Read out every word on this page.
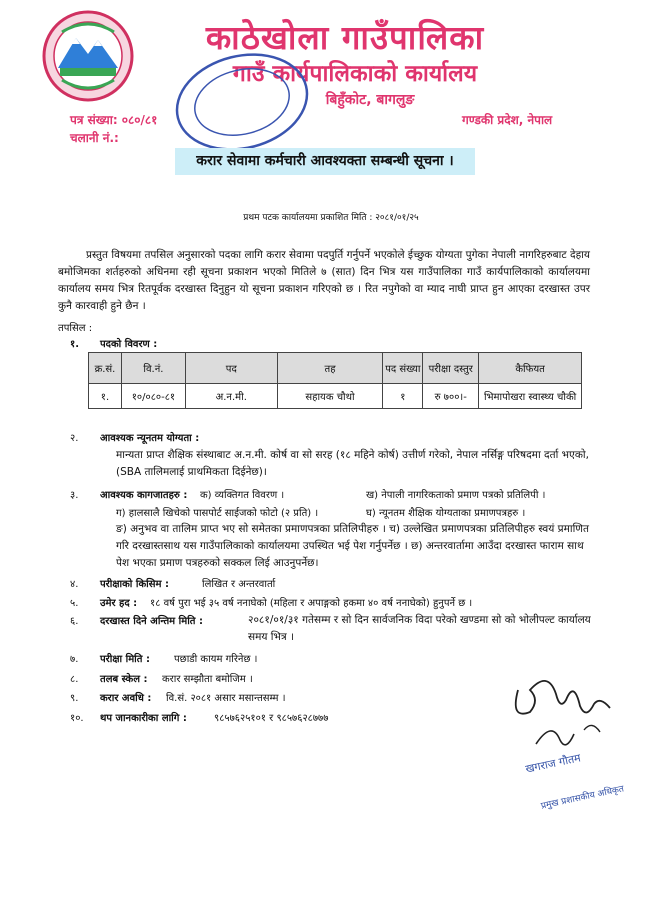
काठेखोला गाउँपालिका
गाउँ कार्यपालिकाको कार्यालय
बिहुँकोट, बागलुङ
पत्र संख्या: ०८०/८१
चलानी नं.:
गण्डकी प्रदेश, नेपाल
करार सेवामा कर्मचारी आवश्यक्ता सम्बन्धी सूचना ।
प्रथम पटक कार्यालयमा प्रकाशित मिति : २०८१/०१/२५
प्रस्तुत विषयमा तपसिल अनुसारको पदका लागि करार सेवामा पदपुर्ति गर्नुपर्ने भएकोले ईच्छुक योग्यता पुगेका नेपाली नागरिहरुबाट देहाय बमोजिमका शर्तहरुको अधिनमा रही सूचना प्रकाशन भएको मितिले ७ (सात) दिन भित्र यस गाउँपालिका गाउँ कार्यपालिकाको कार्यालयमा कार्यालय समय भित्र रितपूर्वक दरखास्त दिनुहुन यो सूचना प्रकाशन गरिएको छ । रित नपुगेको वा म्याद नाघी प्राप्त हुन आएका दरखास्त उपर कुनै कारवाही हुने छैन ।
तपसिल :
१. पदको विवरण :
क्र.सं.	वि.नं.	पद	तह	पद संख्या	परीक्षा दस्तुर	कैफियत
१.	१०/०८०-८१	अ.न.मी.	सहायक चौथो	१	रु ७००।-	भिमापोखरा स्वास्थ्य चौकी
२. आवश्यक न्यूनतम योग्यता :
मान्यता प्राप्त शैक्षिक संस्थाबाट अ.न.मी. कोर्ष वा सो सरह (१८ महिने कोर्ष) उत्तीर्ण गरेको, नेपाल नर्सिङ्ग परिषदमा दर्ता भएको, (SBA तालिमलाई प्राथमिकता दिईनेछ)।
३. आवश्यक कागजातहरु : क) व्यक्तिगत विवरण ।	ख) नेपाली नागरिकताको प्रमाण पत्रको प्रतिलिपी ।
ग) हालसालै खिचेको पासपोर्ट साईजको फोटो (२ प्रति) ।	घ) न्यूनतम शैक्षिक योग्यताका प्रमाणपत्रहरु ।
ङ) अनुभव वा तालिम प्राप्त भए सो समेतका प्रमाणपत्रका प्रतिलिपीहरु । च) उल्लेखित प्रमाणपत्रका प्रतिलिपीहरु स्वयं प्रमाणित गरि दरखास्तसाथ यस गाउँपालिकाको कार्यालयमा उपस्थित भई पेश गर्नुपर्नेछ । छ) अन्तरवार्तामा आउँदा दरखास्त फाराम साथ पेश भएका प्रमाण पत्रहरुको सक्कल लिई आउनुपर्नेछ।
४. परीक्षाको किसिम :	लिखित र अन्तरवार्ता
५. उमेर हद : १८ वर्ष पुरा भई ३५ वर्ष ननाघेको (महिला र अपाङ्गको हकमा ४० वर्ष ननाघेको) हुनुपर्ने छ ।
६. दरखास्त दिने अन्तिम मिति :	२०८१/०१/३१ गतेसम्म र सो दिन सार्वजनिक विदा परेको खण्डमा सो को भोलीपल्ट कार्यालय समय भित्र ।
७. परीक्षा मिति : पछाडी कायम गरिनेछ ।
८. तलब स्केल : करार सम्झौता बमोजिम ।
९. करार अवधि : वि.सं. २०८१ असार मसान्तसम्म ।
१०. थप जानकारीका लागि :	९८५७६२५१०१ र ९८५७६२८७७७
खगराज गौतम
प्रमुख प्रशासकीय अधिकृत
